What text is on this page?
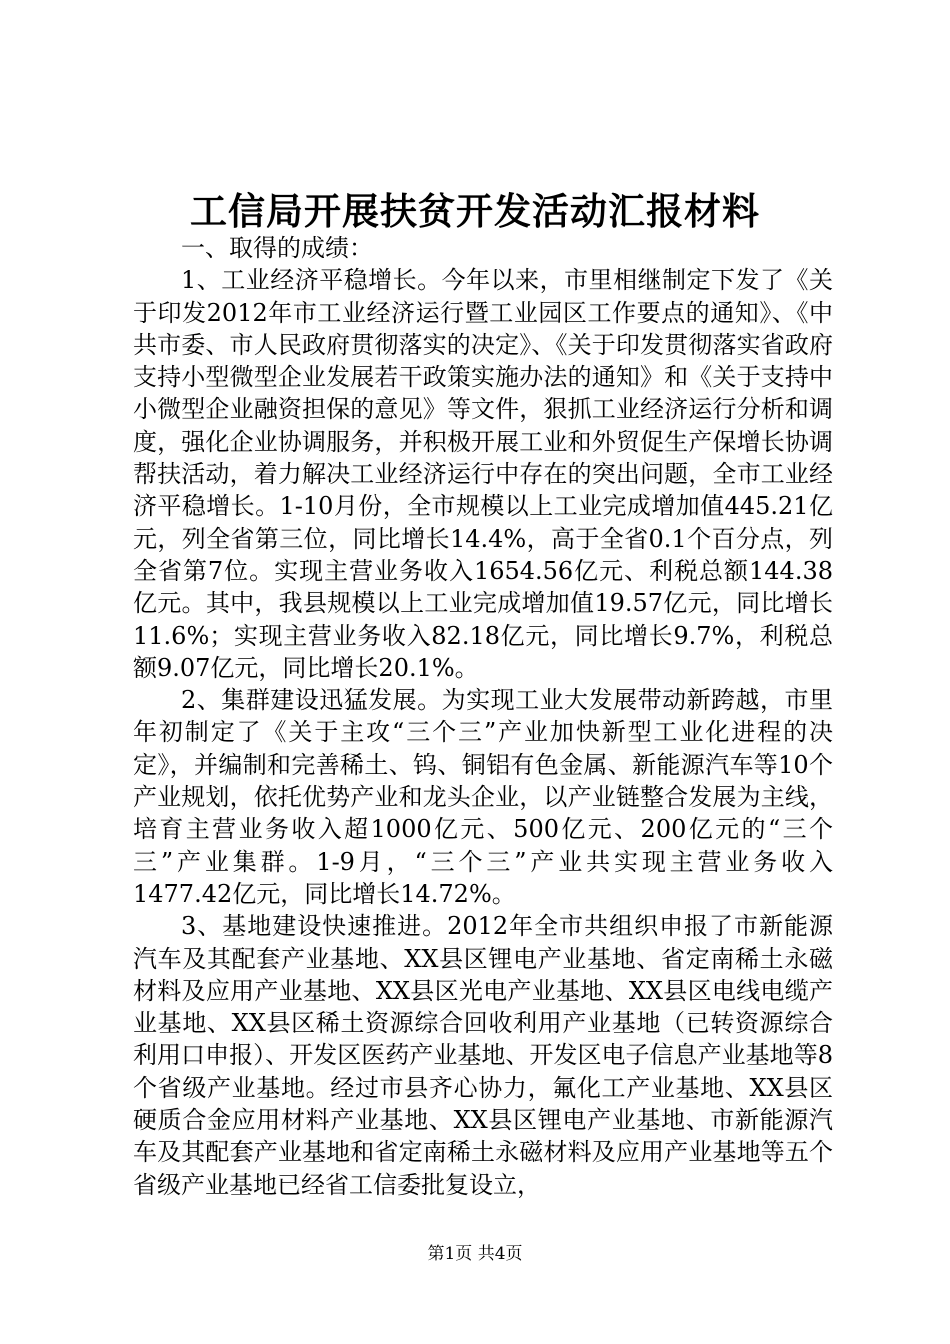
工信局开展扶贫开发活动汇报材料

一、取得的成绩：

1、工业经济平稳增长。今年以来，市里相继制定下发了《关于印发2012年市工业经济运行暨工业园区工作要点的通知》、《中共市委、市人民政府贯彻落实的决定》、《关于印发贯彻落实省政府支持小型微型企业发展若干政策实施办法的通知》和《关于支持中小微型企业融资担保的意见》等文件，狠抓工业经济运行分析和调度，强化企业协调服务，并积极开展工业和外贸促生产保增长协调帮扶活动，着力解决工业经济运行中存在的突出问题，全市工业经济平稳增长。1-10月份，全市规模以上工业完成增加值445.21亿元，列全省第三位，同比增长14.4%，高于全省0.1个百分点，列全省第7位。实现主营业务收入1654.56亿元、利税总额144.38亿元。其中，我县规模以上工业完成增加值19.57亿元，同比增长11.6%；实现主营业务收入82.18亿元，同比增长9.7%，利税总额9.07亿元，同比增长20.1%。

2、集群建设迅猛发展。为实现工业大发展带动新跨越，市里年初制定了《关于主攻“三个三”产业加快新型工业化进程的决定》，并编制和完善稀土、钨、铜铝有色金属、新能源汽车等10个产业规划，依托优势产业和龙头企业，以产业链整合发展为主线，培育主营业务收入超1000亿元、500亿元、200亿元的“三个三”产业集群。1-9月，“三个三”产业共实现主营业务收入1477.42亿元，同比增长14.72%。

3、基地建设快速推进。2012年全市共组织申报了市新能源汽车及其配套产业基地、XX县区锂电产业基地、省定南稀土永磁材料及应用产业基地、XX县区光电产业基地、XX县区电线电缆产业基地、XX县区稀土资源综合回收利用产业基地（已转资源综合利用口申报）、开发区医药产业基地、开发区电子信息产业基地等8个省级产业基地。经过市县齐心协力，氟化工产业基地、XX县区硬质合金应用材料产业基地、XX县区锂电产业基地、市新能源汽车及其配套产业基地和省定南稀土永磁材料及应用产业基地等五个省级产业基地已经省工信委批复设立，

第1页 共4页
